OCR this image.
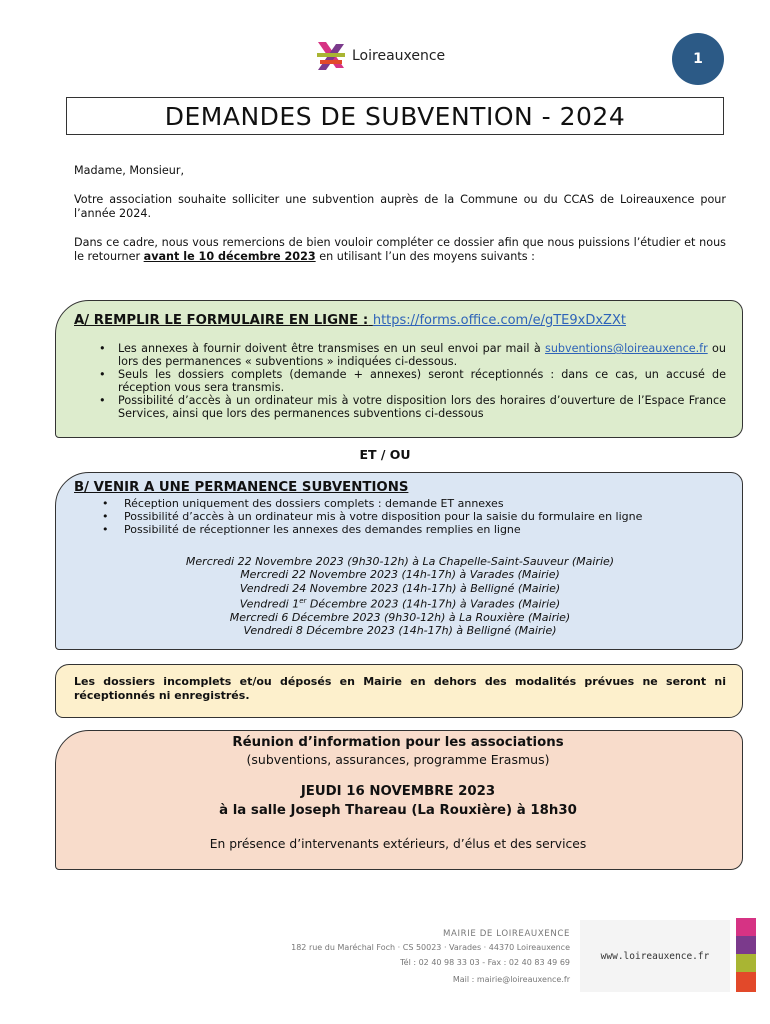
Loireauxence	1
DEMANDES DE SUBVENTION - 2024
Madame, Monsieur,
Votre association souhaite solliciter une subvention auprès de la Commune ou du CCAS de Loireauxence pour l’année 2024.
Dans ce cadre, nous vous remercions de bien vouloir compléter ce dossier afin que nous puissions l’étudier et nous le retourner avant le 10 décembre 2023 en utilisant l’un des moyens suivants :
A/ REMPLIR LE FORMULAIRE EN LIGNE : https://forms.office.com/e/gTE9xDxZXt
• Les annexes à fournir doivent être transmises en un seul envoi par mail à subventions@loireauxence.fr ou lors des permanences « subventions » indiquées ci-dessous.
• Seuls les dossiers complets (demande + annexes) seront réceptionnés : dans ce cas, un accusé de réception vous sera transmis.
• Possibilité d’accès à un ordinateur mis à votre disposition lors des horaires d’ouverture de l’Espace France Services, ainsi que lors des permanences subventions ci-dessous
ET / OU
B/ VENIR A UNE PERMANENCE SUBVENTIONS
• Réception uniquement des dossiers complets : demande ET annexes
• Possibilité d’accès à un ordinateur mis à votre disposition pour la saisie du formulaire en ligne
• Possibilité de réceptionner les annexes des demandes remplies en ligne
Mercredi 22 Novembre 2023 (9h30-12h) à La Chapelle-Saint-Sauveur (Mairie)
Mercredi 22 Novembre 2023 (14h-17h) à Varades (Mairie)
Vendredi 24 Novembre 2023 (14h-17h) à Belligné (Mairie)
Vendredi 1er Décembre 2023 (14h-17h) à Varades (Mairie)
Mercredi 6 Décembre 2023 (9h30-12h) à La Rouxière (Mairie)
Vendredi 8 Décembre 2023 (14h-17h) à Belligné (Mairie)
Les dossiers incomplets et/ou déposés en Mairie en dehors des modalités prévues ne seront ni réceptionnés ni enregistrés.
Réunion d’information pour les associations
(subventions, assurances, programme Erasmus)
JEUDI 16 NOVEMBRE 2023
à la salle Joseph Thareau (La Rouxière) à 18h30
En présence d’intervenants extérieurs, d’élus et des services
MAIRIE DE LOIREAUXENCE
182 rue du Maréchal Foch · CS 50023 · Varades · 44370 Loireauxence
Tél : 02 40 98 33 03 - Fax : 02 40 83 49 69
Mail : mairie@loireauxence.fr
www.loireauxence.fr
